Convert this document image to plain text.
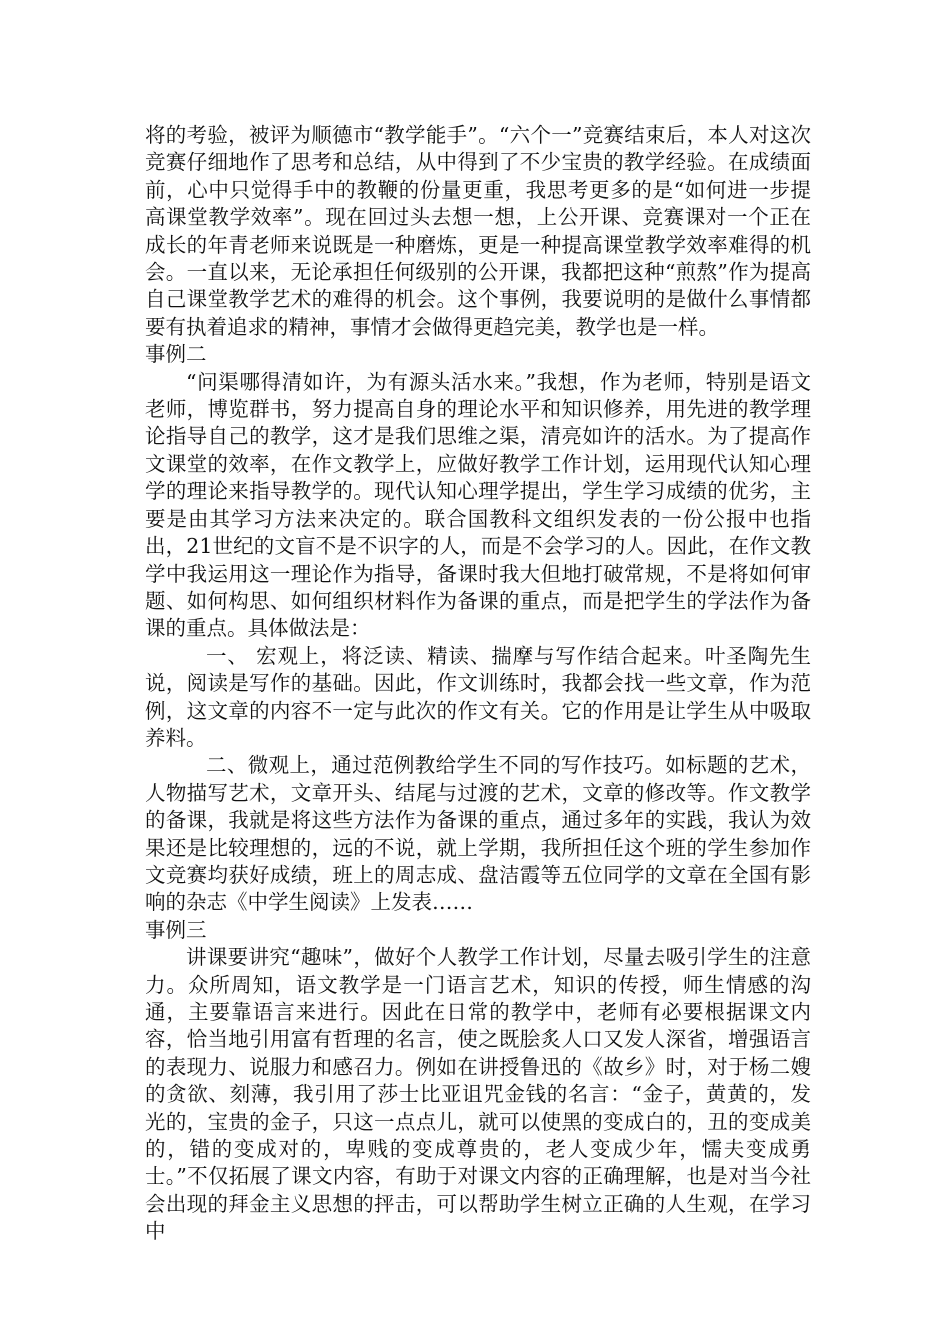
将的考验，被评为顺德市“教学能手”。“六个一”竞赛结束后，本人对这次竞赛仔细地作了思考和总结，从中得到了不少宝贵的教学经验。在成绩面前，心中只觉得手中的教鞭的份量更重，我思考更多的是“如何进一步提高课堂教学效率”。现在回过头去想一想，上公开课、竞赛课对一个正在成长的年青老师来说既是一种磨炼，更是一种提高课堂教学效率难得的机会。一直以来，无论承担任何级别的公开课，我都把这种“煎熬”作为提高自己课堂教学艺术的难得的机会。这个事例，我要说明的是做什么事情都要有执着追求的精神，事情才会做得更趋完美，教学也是一样。

事例二

“问渠哪得清如许，为有源头活水来。”我想，作为老师，特别是语文老师，博览群书，努力提高自身的理论水平和知识修养，用先进的教学理论指导自己的教学，这才是我们思维之渠，清亮如许的活水。为了提高作文课堂的效率，在作文教学上，应做好教学工作计划，运用现代认知心理学的理论来指导教学的。现代认知心理学提出，学生学习成绩的优劣，主要是由其学习方法来决定的。联合国教科文组织发表的一份公报中也指出，21世纪的文盲不是不识字的人，而是不会学习的人。因此，在作文教学中我运用这一理论作为指导，备课时我大但地打破常规，不是将如何审题、如何构思、如何组织材料作为备课的重点，而是把学生的学法作为备课的重点。具体做法是：

一、 宏观上，将泛读、精读、揣摩与写作结合起来。叶圣陶先生说，阅读是写作的基础。因此，作文训练时，我都会找一些文章，作为范例，这文章的内容不一定与此次的作文有关。它的作用是让学生从中吸取养料。

二、微观上，通过范例教给学生不同的写作技巧。如标题的艺术，人物描写艺术，文章开头、结尾与过渡的艺术，文章的修改等。作文教学的备课，我就是将这些方法作为备课的重点，通过多年的实践，我认为效果还是比较理想的，远的不说，就上学期，我所担任这个班的学生参加作文竞赛均获好成绩，班上的周志成、盘洁霞等五位同学的文章在全国有影响的杂志《中学生阅读》上发表……

事例三

讲课要讲究“趣味”，做好个人教学工作计划，尽量去吸引学生的注意力。众所周知，语文教学是一门语言艺术，知识的传授，师生情感的沟通，主要靠语言来进行。因此在日常的教学中，老师有必要根据课文内容，恰当地引用富有哲理的名言，使之既脍炙人口又发人深省，增强语言的表现力、说服力和感召力。例如在讲授鲁迅的《故乡》时，对于杨二嫂的贪欲、刻薄，我引用了莎士比亚诅咒金钱的名言：“金子，黄黄的，发光的，宝贵的金子，只这一点点儿，就可以使黑的变成白的，丑的变成美的，错的变成对的，卑贱的变成尊贵的，老人变成少年，懦夫变成勇士。”不仅拓展了课文内容，有助于对课文内容的正确理解，也是对当今社会出现的拜金主义思想的抨击，可以帮助学生树立正确的人生观，在学习中
